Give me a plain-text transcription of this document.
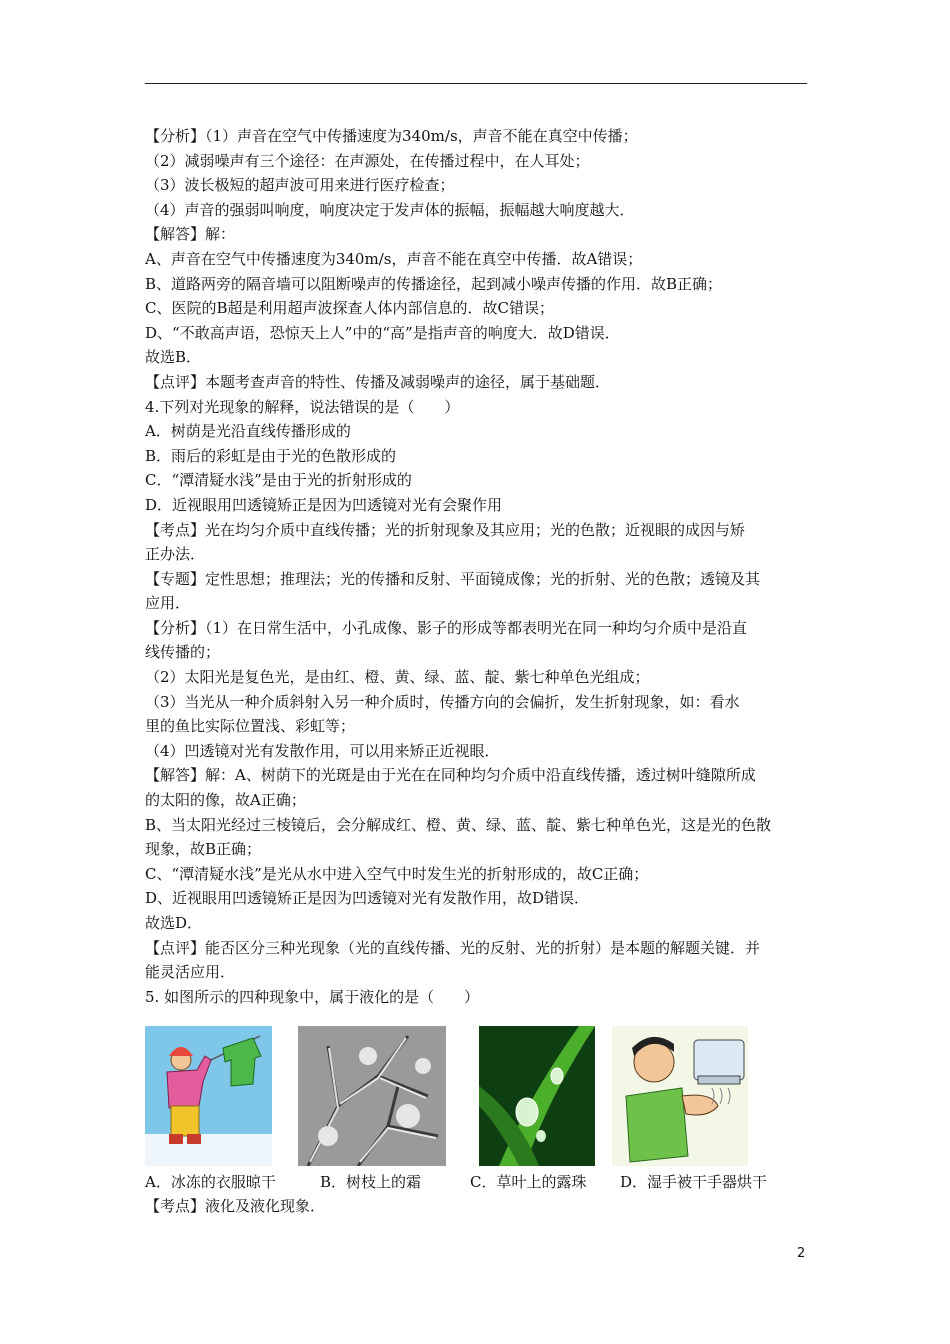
【分析】（1）声音在空气中传播速度为340m/s，声音不能在真空中传播；
（2）减弱噪声有三个途径：在声源处，在传播过程中，在人耳处；
（3）波长极短的超声波可用来进行医疗检查；
（4）声音的强弱叫响度，响度决定于发声体的振幅，振幅越大响度越大．
【解答】解：
A、声音在空气中传播速度为340m/s，声音不能在真空中传播．故A错误；
B、道路两旁的隔音墙可以阻断噪声的传播途径，起到减小噪声传播的作用．故B正确；
C、医院的B超是利用超声波探查人体内部信息的．故C错误；
D、“不敢高声语，恐惊天上人”中的“高”是指声音的响度大．故D错误．
故选B．
【点评】本题考查声音的特性、传播及减弱噪声的途径，属于基础题．
4.下列对光现象的解释，说法错误的是（　　）
A．树荫是光沿直线传播形成的
B．雨后的彩虹是由于光的色散形成的
C．“潭清疑水浅”是由于光的折射形成的
D．近视眼用凹透镜矫正是因为凹透镜对光有会聚作用
【考点】光在均匀介质中直线传播；光的折射现象及其应用；光的色散；近视眼的成因与矫
正办法．
【专题】定性思想；推理法；光的传播和反射、平面镜成像；光的折射、光的色散；透镜及其
应用．
【分析】（1）在日常生活中，小孔成像、影子的形成等都表明光在同一种均匀介质中是沿直
线传播的；
（2）太阳光是复色光，是由红、橙、黄、绿、蓝、靛、紫七种单色光组成；
（3）当光从一种介质斜射入另一种介质时，传播方向的会偏折，发生折射现象，如：看水
里的鱼比实际位置浅、彩虹等；
（4）凹透镜对光有发散作用，可以用来矫正近视眼．
【解答】解：A、树荫下的光斑是由于光在在同种均匀介质中沿直线传播，透过树叶缝隙所成
的太阳的像，故A正确；
B、当太阳光经过三棱镜后，会分解成红、橙、黄、绿、蓝、靛、紫七种单色光，这是光的色散
现象，故B正确；
C、“潭清疑水浅”是光从水中进入空气中时发生光的折射形成的，故C正确；
D、近视眼用凹透镜矫正是因为凹透镜对光有发散作用，故D错误．
故选D．
【点评】能否区分三种光现象（光的直线传播、光的反射、光的折射）是本题的解题关键．并
能灵活应用．
5. 如图所示的四种现象中，属于液化的是（　　）
A．冰冻的衣服晾干	B．树枝上的霜	C．草叶上的露珠 D．湿手被干手器烘干
【考点】液化及液化现象．
2
